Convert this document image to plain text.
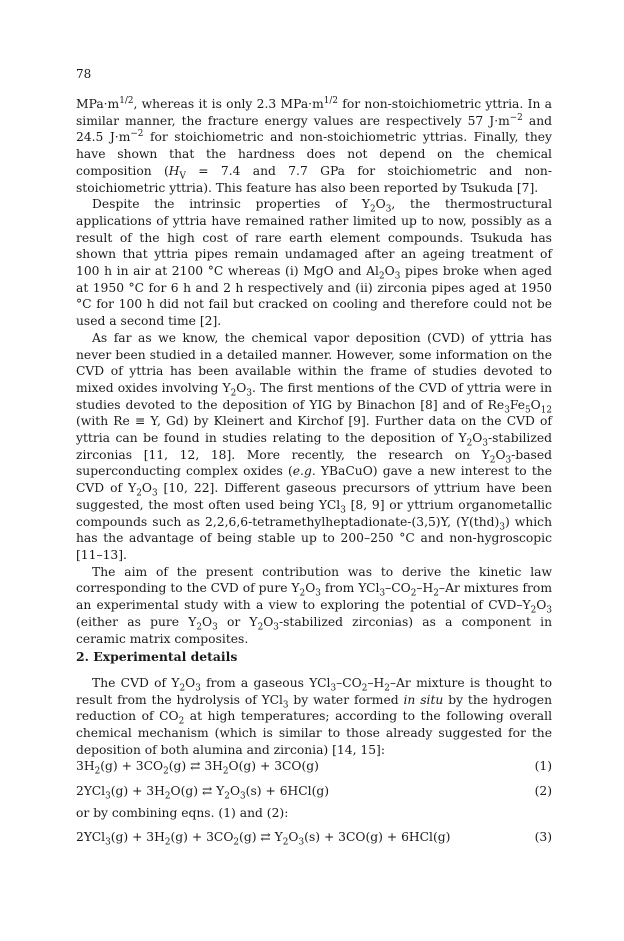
78

$MPa\cdot m^{1/2}$, whereas it is only 2.3 $MPa\cdot m^{1/2}$ for non-stoichiometric yttria. In a similar manner, the fracture energy values are respectively 57 $J\cdot m^{-2}$ and 24.5 $J\cdot m^{-2}$ for stoichiometric and non-stoichiometric yttrias. Finally, they have shown that the hardness does not depend on the chemical composition ($H_V = 7.4$ and 7.7 GPa for stoichiometric and non-stoichiometric yttria). This feature has also been reported by Tsukuda [7].

Despite the intrinsic properties of $Y_2O_3$, the thermostructural applications of yttria have remained rather limited up to now, possibly as a result of the high cost of rare earth element compounds. Tsukuda has shown that yttria pipes remain undamaged after an ageing treatment of 100 h in air at 2100 °C whereas (i) MgO and $Al_2O_3$ pipes broke when aged at 1950 °C for 6 h and 2 h respectively and (ii) zirconia pipes aged at 1950 °C for 100 h did not fail but cracked on cooling and therefore could not be used a second time [2].

As far as we know, the chemical vapor deposition (CVD) of yttria has never been studied in a detailed manner. However, some information on the CVD of yttria has been available within the frame of studies devoted to mixed oxides involving $Y_2O_3$. The first mentions of the CVD of yttria were in studies devoted to the deposition of YIG by Binachon [8] and of $Re_3Fe_5O_{12}$ (with Re ≡ Y, Gd) by Kleinert and Kirchof [9]. Further data on the CVD of yttria can be found in studies relating to the deposition of $Y_2O_3$-stabilized zirconias [11, 12, 18]. More recently, the research on $Y_2O_3$-based superconducting complex oxides (e.g. YBaCuO) gave a new interest to the CVD of $Y_2O_3$ [10, 22]. Different gaseous precursors of yttrium have been suggested, the most often used being YCl$_3$ [8, 9] or yttrium organometallic compounds such as 2,2,6,6-tetramethylheptadionate-(3,5)Y, $(Y(thd)_3)$ which has the advantage of being stable up to 200–250 °C and non-hygroscopic [11–13].

The aim of the present contribution was to derive the kinetic law corresponding to the CVD of pure $Y_2O_3$ from $YCl_3-CO_2-H_2-Ar$ mixtures from an experimental study with a view to exploring the potential of CVD–$Y_2O_3$ (either as pure $Y_2O_3$ or $Y_2O_3$-stabilized zirconias) as a component in ceramic matrix composites.

2. Experimental details

The CVD of $Y_2O_3$ from a gaseous $YCl_3-CO_2-H_2-Ar$ mixture is thought to result from the hydrolysis of YCl$_3$ by water formed in situ by the hydrogen reduction of $CO_2$ at high temperatures; according to the following overall chemical mechanism (which is similar to those already suggested for the deposition of both alumina and zirconia) [14, 15]:

$3H_2(g) + 3CO_2(g)$ ⇄ $3H_2O(g) + 3CO(g)$	(1)
$2YCl_3(g) + 3H_2O(g)$ ⇄ $Y_2O_3(s) + 6HCl(g)$	(2)
or by combining eqns. (1) and (2):
$2YCl_3(g) + 3H_2(g) + 3CO_2(g)$ ⇄ $Y_2O_3(s) + 3CO(g) + 6HCl(g)$	(3)
